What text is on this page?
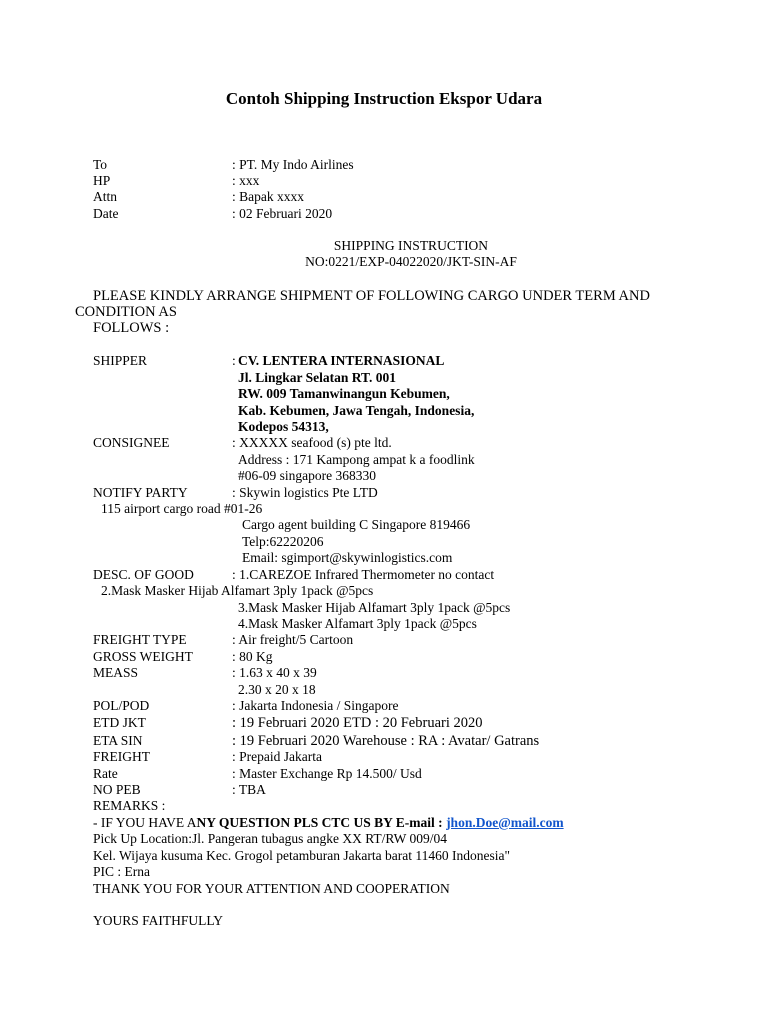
Contoh Shipping Instruction Ekspor Udara
To	: PT. My Indo Airlines
HP	: xxx
Attn	: Bapak xxxx
Date	: 02 Februari 2020
SHIPPING INSTRUCTION
NO:0221/EXP-04022020/JKT-SIN-AF
PLEASE KINDLY ARRANGE SHIPMENT OF FOLLOWING CARGO UNDER TERM AND
CONDITION AS
FOLLOWS :
SHIPPER	: CV. LENTERA INTERNASIONAL
Jl. Lingkar Selatan RT. 001
RW. 009 Tamanwinangun Kebumen,
Kab. Kebumen, Jawa Tengah, Indonesia,
Kodepos 54313,
CONSIGNEE	: XXXXX seafood (s) pte ltd.
Address : 171 Kampong ampat k a foodlink
#06-09 singapore 368330
NOTIFY PARTY	: Skywin logistics Pte LTD
115 airport cargo road #01-26
Cargo agent building C Singapore 819466
Telp:62220206
Email: sgimport@skywinlogistics.com
DESC. OF GOOD	: 1.CAREZOE Infrared Thermometer no contact
2.Mask Masker Hijab Alfamart 3ply 1pack @5pcs
3.Mask Masker Hijab Alfamart 3ply 1pack @5pcs
4.Mask Masker Alfamart 3ply 1pack @5pcs
FREIGHT TYPE	: Air freight/5 Cartoon
GROSS WEIGHT	: 80 Kg
MEASS	: 1.63 x 40 x 39
2.30 x 20 x 18
POL/POD	: Jakarta Indonesia / Singapore
ETD JKT	: 19 Februari 2020 ETD : 20 Februari 2020
ETA SIN	: 19 Februari 2020 Warehouse : RA : Avatar/ Gatrans
FREIGHT	: Prepaid Jakarta
Rate	: Master Exchange Rp 14.500/ Usd
NO PEB	: TBA
REMARKS :
- IF YOU HAVE ANY QUESTION PLS CTC US BY E-mail : jhon.Doe@mail.com
Pick Up Location:Jl. Pangeran tubagus angke XX RT/RW 009/04
Kel. Wijaya kusuma Kec. Grogol petamburan Jakarta barat 11460 Indonesia"
PIC : Erna
THANK YOU FOR YOUR ATTENTION AND COOPERATION
YOURS FAITHFULLY
